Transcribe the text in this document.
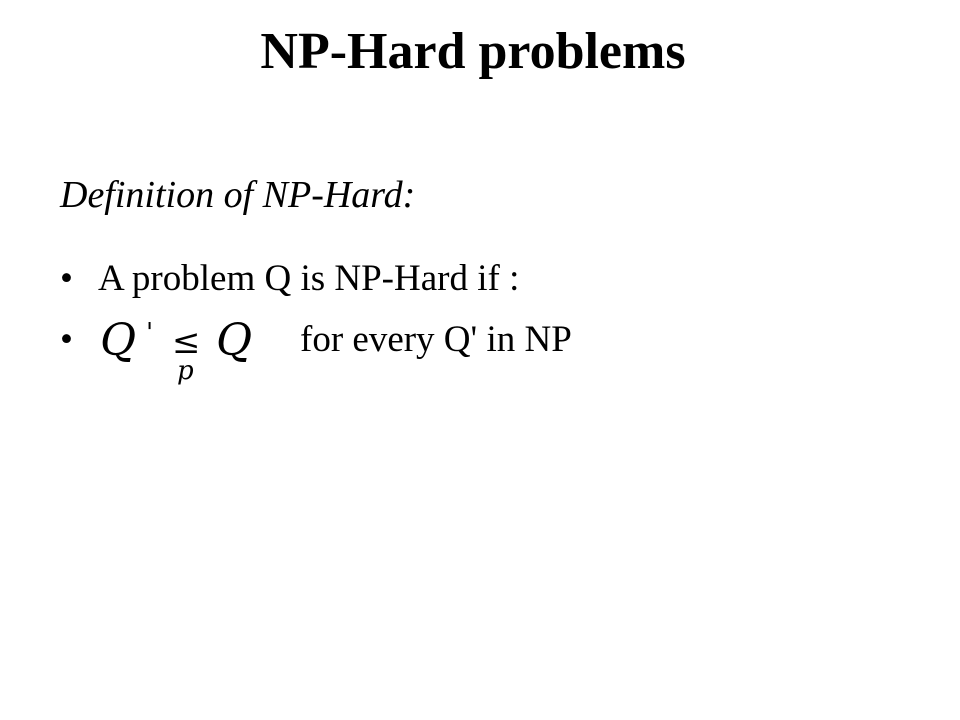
NP-Hard problems
Definition of NP-Hard:
• A problem Q is NP-Hard if :
•	for every Q' in NP
Q ' ≤
p
Q
